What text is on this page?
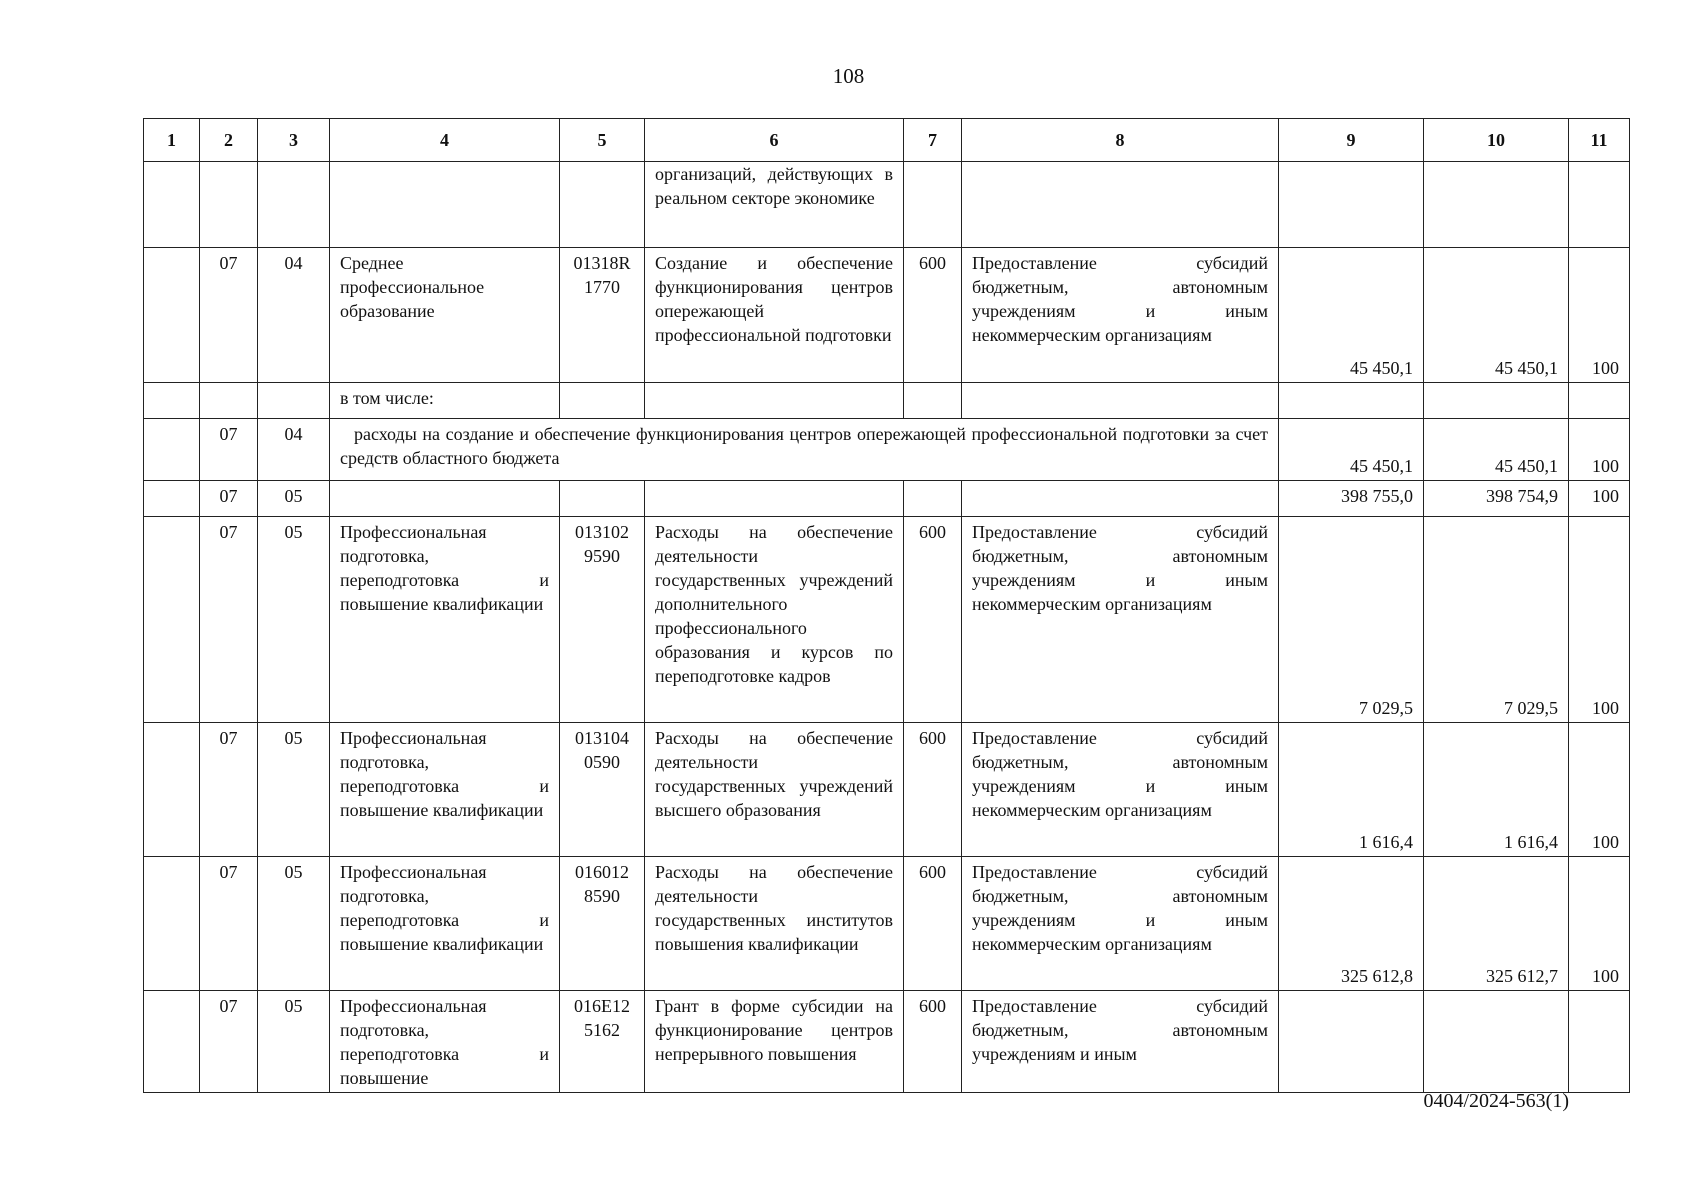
108
1	2	3	4	5	6	7	8	9	10	11
					организаций, действующих в реальном секторе экономике					
	07	04	Среднее профессиональное образование	01318R 1770	Создание и обеспечение функционирования центров опережающей профессиональной подготовки	600	Предоставление субсидий бюджетным, автономным учреждениям и иным некоммерческим организациям	45 450,1	45 450,1	100
			в том числе:							
	07	04	расходы на создание и обеспечение функционирования центров опережающей профессиональной подготовки за счет средств областного бюджета					45 450,1	45 450,1	100
	07	05						398 755,0	398 754,9	100
	07	05	Профессиональная подготовка, переподготовка и повышение квалификации	013102 9590	Расходы на обеспечение деятельности государственных учреждений дополнительного профессионального образования и курсов по переподготовке кадров	600	Предоставление субсидий бюджетным, автономным учреждениям и иным некоммерческим организациям	7 029,5	7 029,5	100
	07	05	Профессиональная подготовка, переподготовка и повышение квалификации	013104 0590	Расходы на обеспечение деятельности государственных учреждений высшего образования	600	Предоставление субсидий бюджетным, автономным учреждениям и иным некоммерческим организациям	1 616,4	1 616,4	100
	07	05	Профессиональная подготовка, переподготовка и повышение квалификации	016012 8590	Расходы на обеспечение деятельности государственных институтов повышения квалификации	600	Предоставление субсидий бюджетным, автономным учреждениям и иным некоммерческим организациям	325 612,8	325 612,7	100
	07	05	Профессиональная подготовка, переподготовка и повышение	016E12 5162	Грант в форме субсидии на функционирование центров непрерывного повышения	600	Предоставление субсидий бюджетным, автономным учреждениям и иным			
0404/2024-563(1)
